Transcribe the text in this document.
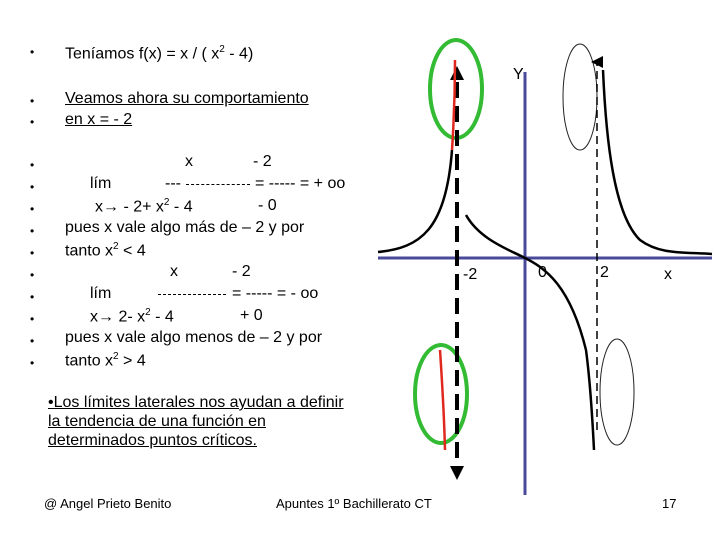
• Teníamos f(x) = x / ( $x^2 - 4$)
•
•
Veamos ahora su comportamiento
en x = - 2
•
•
•
•
•
•
•
•
•
•
x	- 2
lím	---	= ----- = + oo
$x\to - 2+ x^2 - 4$	- 0
pues x vale algo más de – 2 y por
tanto $x^2 < 4$
x	- 2
lím	= ----- = - oo
x→ 2- $x^2 - 4$	+ 0
pues x vale algo menos de – 2 y por
tanto $x^2 > 4$
•Los límites laterales nos ayudan a definir la tendencia de una función en determinados puntos críticos.
@ Angel Prieto Benito	Apuntes 1º Bachillerato CT	17
Y
x
-2	0	2
